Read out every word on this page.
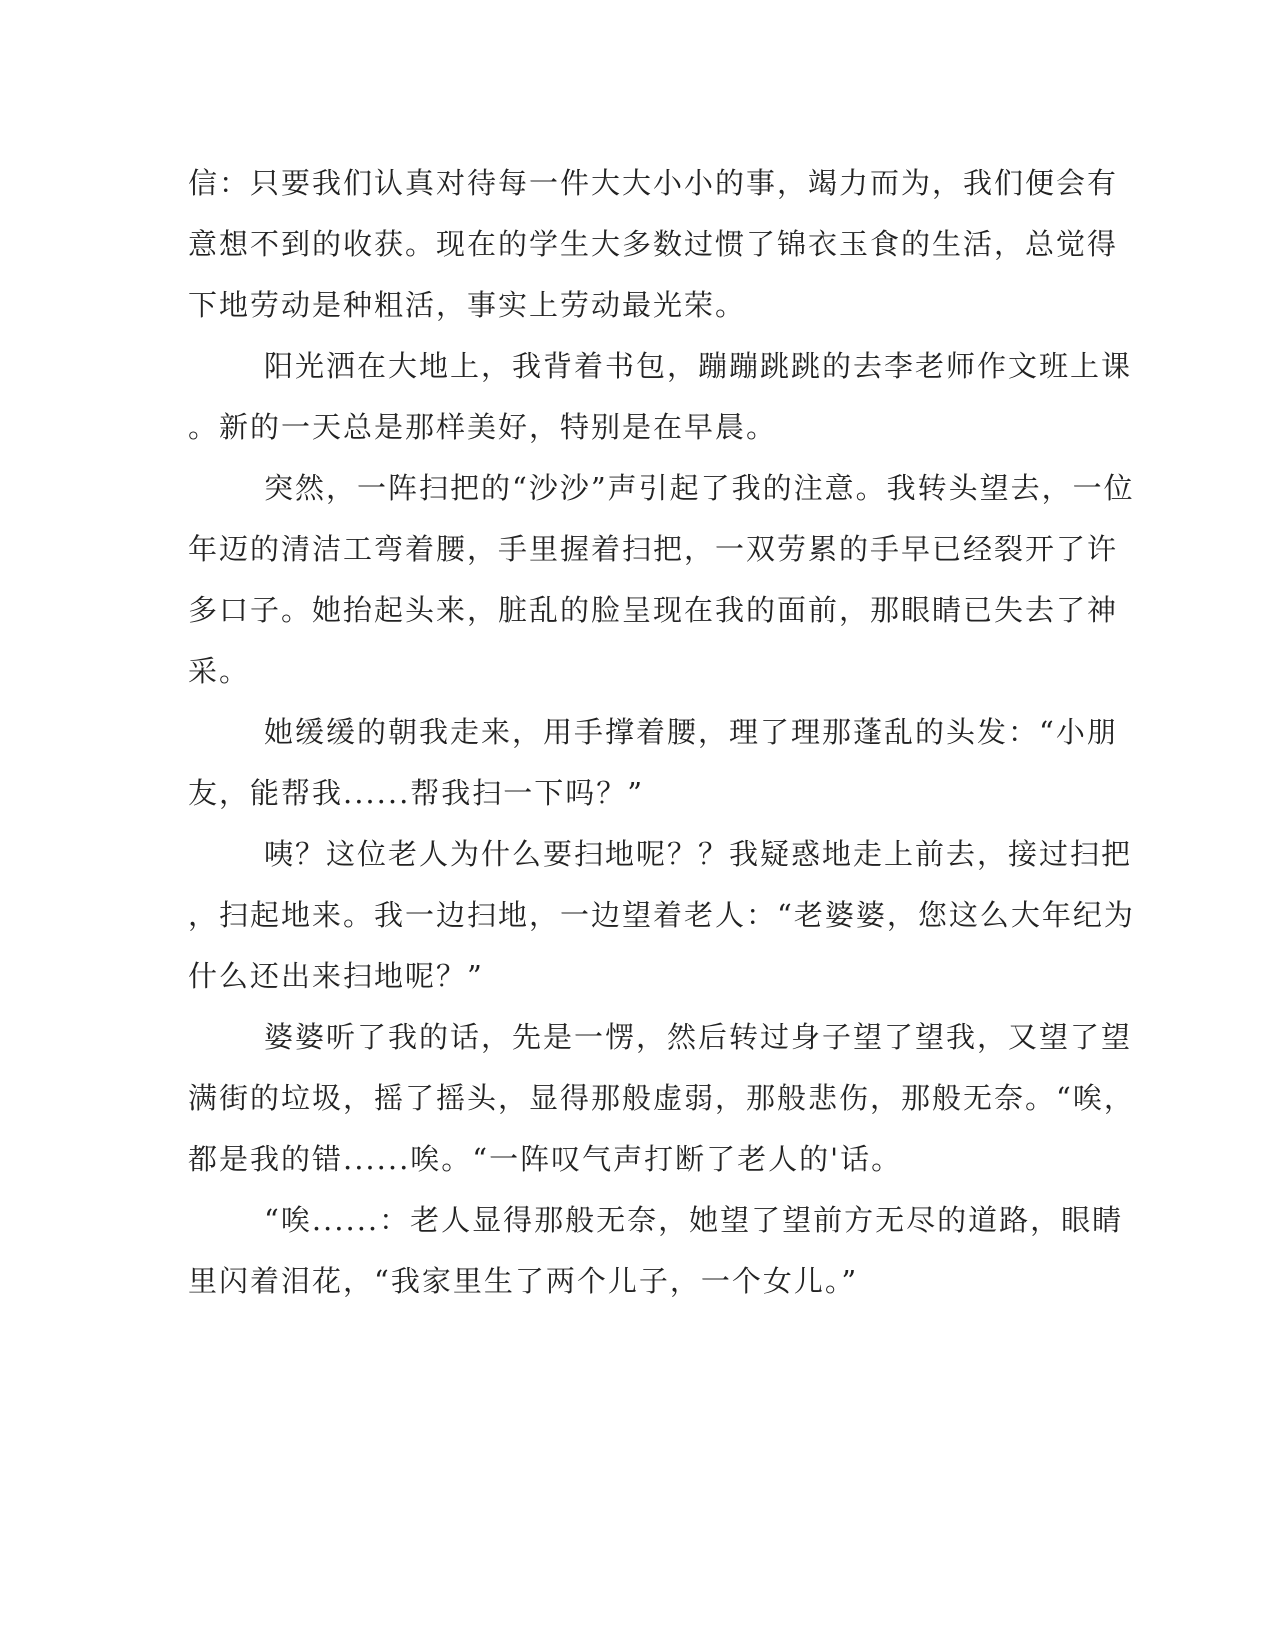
信：只要我们认真对待每一件大大小小的事，竭力而为，我们便会有
意想不到的收获。现在的学生大多数过惯了锦衣玉食的生活，总觉得
下地劳动是种粗活，事实上劳动最光荣。
阳光洒在大地上，我背着书包，蹦蹦跳跳的去李老师作文班上课
。新的一天总是那样美好，特别是在早晨。
突然，一阵扫把的“沙沙”声引起了我的注意。我转头望去，一位
年迈的清洁工弯着腰，手里握着扫把，一双劳累的手早已经裂开了许
多口子。她抬起头来，脏乱的脸呈现在我的面前，那眼睛已失去了神
采。
她缓缓的朝我走来，用手撑着腰，理了理那蓬乱的头发：“小朋
友，能帮我......帮我扫一下吗？”
咦？这位老人为什么要扫地呢？？我疑惑地走上前去，接过扫把
，扫起地来。我一边扫地，一边望着老人：“老婆婆，您这么大年纪为
什么还出来扫地呢？”
婆婆听了我的话，先是一愣，然后转过身子望了望我，又望了望
满街的垃圾，摇了摇头，显得那般虚弱，那般悲伤，那般无奈。“唉，
都是我的错......唉。“一阵叹气声打断了老人的'话。
“唉......：老人显得那般无奈，她望了望前方无尽的道路，眼睛
里闪着泪花，“我家里生了两个儿子，一个女儿。”
